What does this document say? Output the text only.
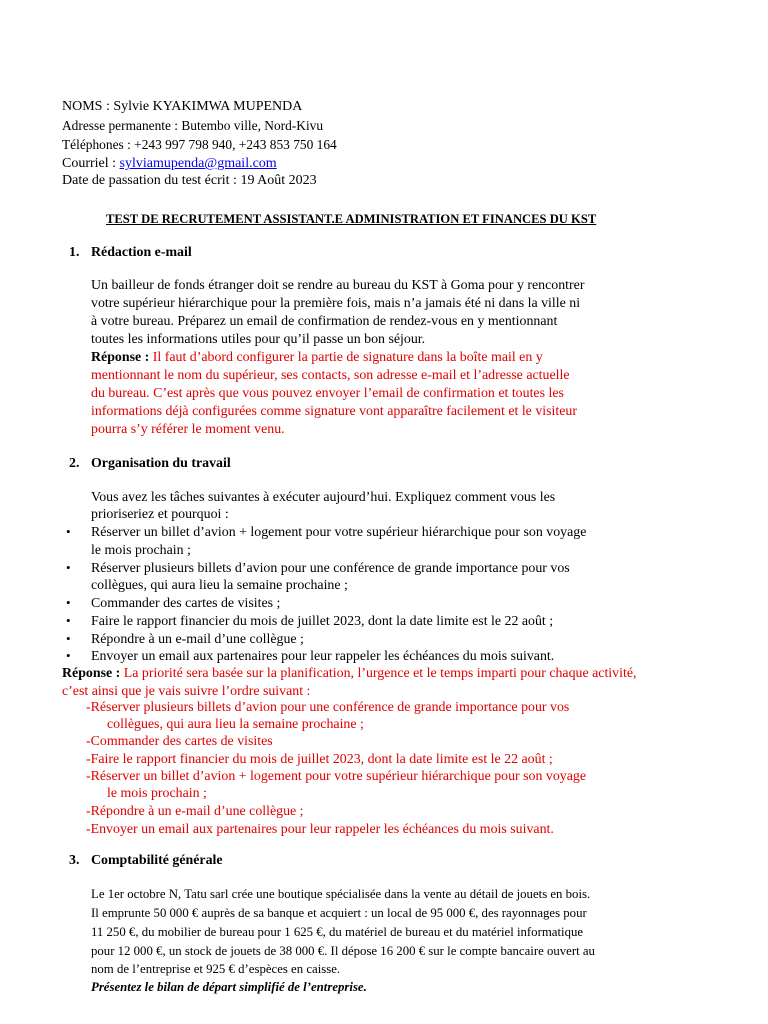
NOMS : Sylvie KYAKIMWA MUPENDA
Adresse permanente : Butembo ville, Nord-Kivu
Téléphones : +243 997 798 940, +243 853 750 164
Courriel : sylviamupenda@gmail.com
Date de passation du test écrit : 19 Août 2023
TEST DE RECRUTEMENT ASSISTANT.E ADMINISTRATION ET FINANCES DU KST
1. Rédaction e-mail
Un bailleur de fonds étranger doit se rendre au bureau du KST à Goma pour y rencontrer
votre supérieur hiérarchique pour la première fois, mais n’a jamais été ni dans la ville ni
à votre bureau. Préparez un email de confirmation de rendez-vous en y mentionnant
toutes les informations utiles pour qu’il passe un bon séjour.
Réponse : Il faut d’abord configurer la partie de signature dans la boîte mail en y
mentionnant le nom du supérieur, ses contacts, son adresse e-mail et l’adresse actuelle
du bureau. C’est après que vous pouvez envoyer l’email de confirmation et toutes les
informations déjà configurées comme signature vont apparaître facilement et le visiteur
pourra s’y référer le moment venu.
2. Organisation du travail
Vous avez les tâches suivantes à exécuter aujourd’hui. Expliquez comment vous les
prioriseriez et pourquoi :
• Réserver un billet d’avion + logement pour votre supérieur hiérarchique pour son voyage
le mois prochain ;
• Réserver plusieurs billets d’avion pour une conférence de grande importance pour vos
collègues, qui aura lieu la semaine prochaine ;
• Commander des cartes de visites ;
• Faire le rapport financier du mois de juillet 2023, dont la date limite est le 22 août ;
• Répondre à un e-mail d’une collègue ;
• Envoyer un email aux partenaires pour leur rappeler les échéances du mois suivant.
Réponse : La priorité sera basée sur la planification, l’urgence et le temps imparti pour chaque activité,
c’est ainsi que je vais suivre l’ordre suivant :
-Réserver plusieurs billets d’avion pour une conférence de grande importance pour vos
collègues, qui aura lieu la semaine prochaine ;
-Commander des cartes de visites
-Faire le rapport financier du mois de juillet 2023, dont la date limite est le 22 août ;
-Réserver un billet d’avion + logement pour votre supérieur hiérarchique pour son voyage
le mois prochain ;
-Répondre à un e-mail d’une collègue ;
-Envoyer un email aux partenaires pour leur rappeler les échéances du mois suivant.
3. Comptabilité générale
Le 1er octobre N, Tatu sarl crée une boutique spécialisée dans la vente au détail de jouets en bois.
Il emprunte 50 000 € auprès de sa banque et acquiert : un local de 95 000 €, des rayonnages pour
11 250 €, du mobilier de bureau pour 1 625 €, du matériel de bureau et du matériel informatique
pour 12 000 €, un stock de jouets de 38 000 €. Il dépose 16 200 € sur le compte bancaire ouvert au
nom de l’entreprise et 925 € d’espèces en caisse.
Présentez le bilan de départ simplifié de l’entreprise.
